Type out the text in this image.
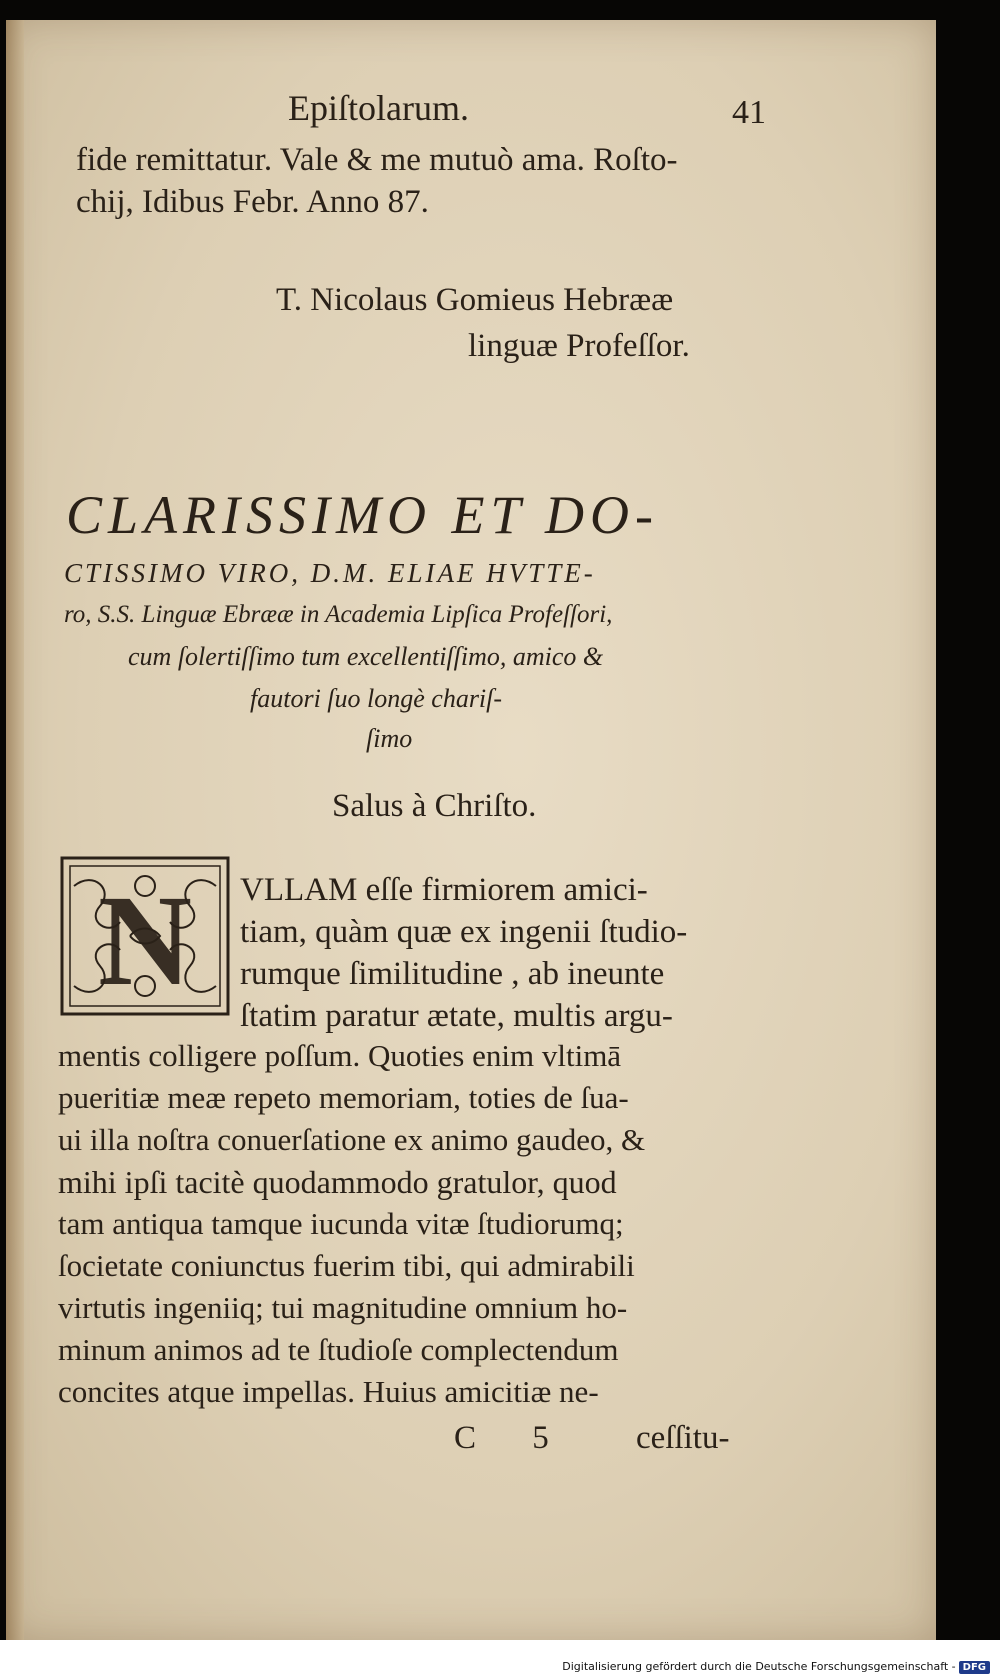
Epiſtolarum.	41
fide remittatur. Vale & me mutuò ama. Roſto-
chij, Idibus Febr. Anno 87.
T. Nicolaus Gomieus Hebrææ
linguæ Profeſſor.
CLARISSIMO ET DO-
CTISSIMO VIRO, D.M. ELIAE HVTTE-
ro, S.S. Linguæ Ebrææ in Academia Lipſica Profeſſori,
cum ſolertiſſimo tum excellentiſſimo, amico &
fautori ſuo longè chariſ-
ſimo
Salus à Chriſto.
N VLLAM eſſe firmiorem amici-
tiam, quàm quæ ex ingenii ſtudio-
rumque ſimilitudine , ab ineunte
ſtatim paratur ætate, multis argu-
mentis colligere poſſum. Quoties enim vltimā
pueritiæ meæ repeto memoriam, toties de ſua-
ui illa noſtra conuerſatione ex animo gaudeo, &
mihi ipſi tacitè quodammodo gratulor, quod
tam antiqua tamque iucunda vitæ ſtudiorumq;
ſocietate coniunctus fuerim tibi, qui admirabili
virtutis ingeniiq; tui magnitudine omnium ho-
minum animos ad te ſtudioſe complectendum
concites atque impellas. Huius amicitiæ ne-
C 5 ceſſitu-
Digitalisierung gefördert durch die Deutsche Forschungsgemeinschaft - DFG
